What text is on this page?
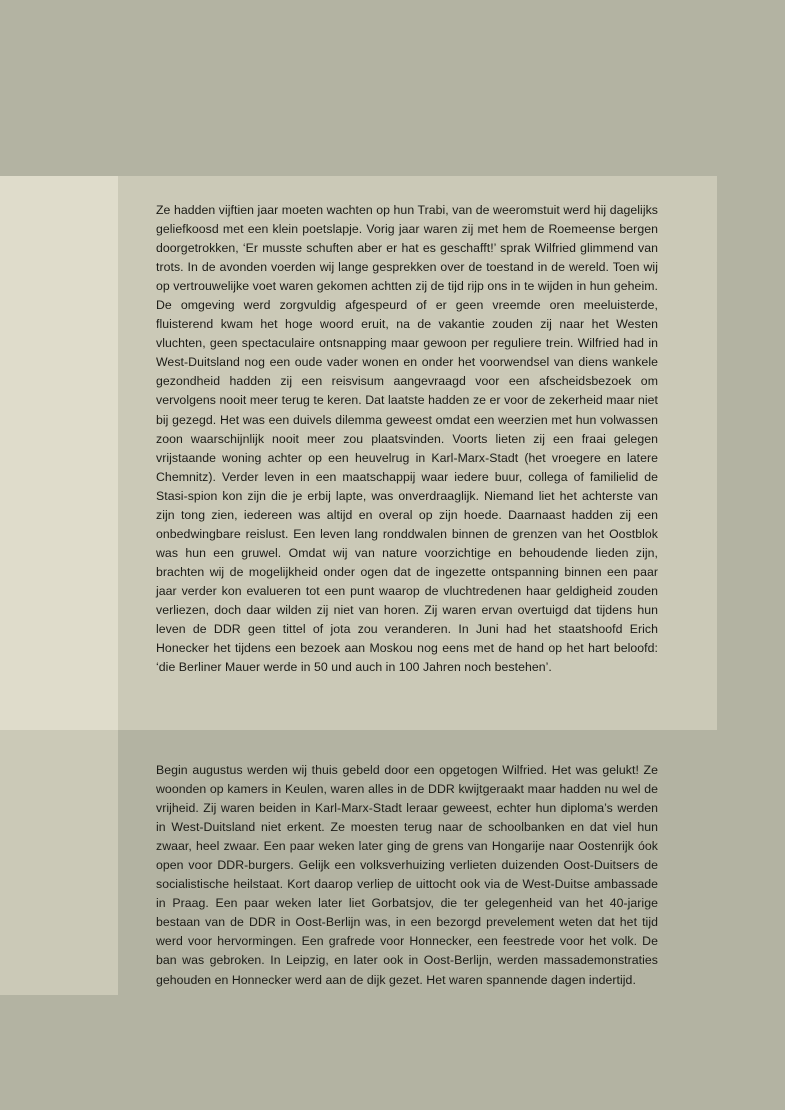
Ze hadden vijftien jaar moeten wachten op hun Trabi, van de weeromstuit werd hij dagelijks geliefkoosd met een klein poetslapje. Vorig jaar waren zij met hem de Roemeense bergen doorgetrokken, ‘Er musste schuften aber er hat es geschafft!’ sprak Wilfried glimmend van trots. In de avonden voerden wij lange gesprekken over de toestand in de wereld. Toen wij op vertrouwelijke voet waren gekomen achtten zij de tijd rijp ons in te wijden in hun geheim. De omgeving werd zorgvuldig afgespeurd of er geen vreemde oren meeluisterde, fluisterend kwam het hoge woord eruit, na de vakantie zouden zij naar het Westen vluchten, geen spectaculaire ontsnapping maar gewoon per reguliere trein. Wilfried had in West-Duitsland nog een oude vader wonen en onder het voorwendsel van diens wankele gezondheid hadden zij een reisvisum aangevraagd voor een afscheidsbezoek om vervolgens nooit meer terug te keren. Dat laatste hadden ze er voor de zekerheid maar niet bij gezegd. Het was een duivels dilemma geweest omdat een weerzien met hun volwassen zoon waarschijnlijk nooit meer zou plaatsvinden. Voorts lieten zij een fraai gelegen vrijstaande woning achter op een heuvelrug in Karl-Marx-Stadt (het vroegere en latere Chemnitz). Verder leven in een maatschappij waar iedere buur, collega of familielid de Stasi-spion kon zijn die je erbij lapte, was onverdraaglijk. Niemand liet het achterste van zijn tong zien, iedereen was altijd en overal op zijn hoede. Daarnaast hadden zij een onbedwingbare reislust. Een leven lang ronddwalen binnen de grenzen van het Oostblok was hun een gruwel. Omdat wij van nature voorzichtige en behoudende lieden zijn, brachten wij de mogelijkheid onder ogen dat de ingezette ontspanning binnen een paar jaar verder kon evalueren tot een punt waarop de vluchtredenen haar geldigheid zouden verliezen, doch daar wilden zij niet van horen. Zij waren ervan overtuigd dat tijdens hun leven de DDR geen tittel of jota zou veranderen. In Juni had het staatshoofd Erich Honecker het tijdens een bezoek aan Moskou nog eens met de hand op het hart beloofd: ‘die Berliner Mauer werde in 50 und auch in 100 Jahren noch bestehen’.

Begin augustus werden wij thuis gebeld door een opgetogen Wilfried. Het was gelukt! Ze woonden op kamers in Keulen, waren alles in de DDR kwijtgeraakt maar hadden nu wel de vrijheid. Zij waren beiden in Karl-Marx-Stadt leraar geweest, echter hun diploma’s werden in West-Duitsland niet erkent. Ze moesten terug naar de schoolbanken en dat viel hun zwaar, heel zwaar. Een paar weken later ging de grens van Hongarije naar Oostenrijk óok open voor DDR-burgers. Gelijk een volksverhuizing verlieten duizenden Oost-Duitsers de socialistische heilstaat. Kort daarop verliep de uittocht ook via de West-Duitse ambassade in Praag. Een paar weken later liet Gorbatsjov, die ter gelegenheid van het 40-jarige bestaan van de DDR in Oost-Berlijn was, in een bezorgd prevelement weten dat het tijd werd voor hervormingen. Een grafrede voor Honnecker, een feestrede voor het volk. De ban was gebroken. In Leipzig, en later ook in Oost-Berlijn, werden massademonstraties gehouden en Honnecker werd aan de dijk gezet. Het waren spannende dagen indertijd.
